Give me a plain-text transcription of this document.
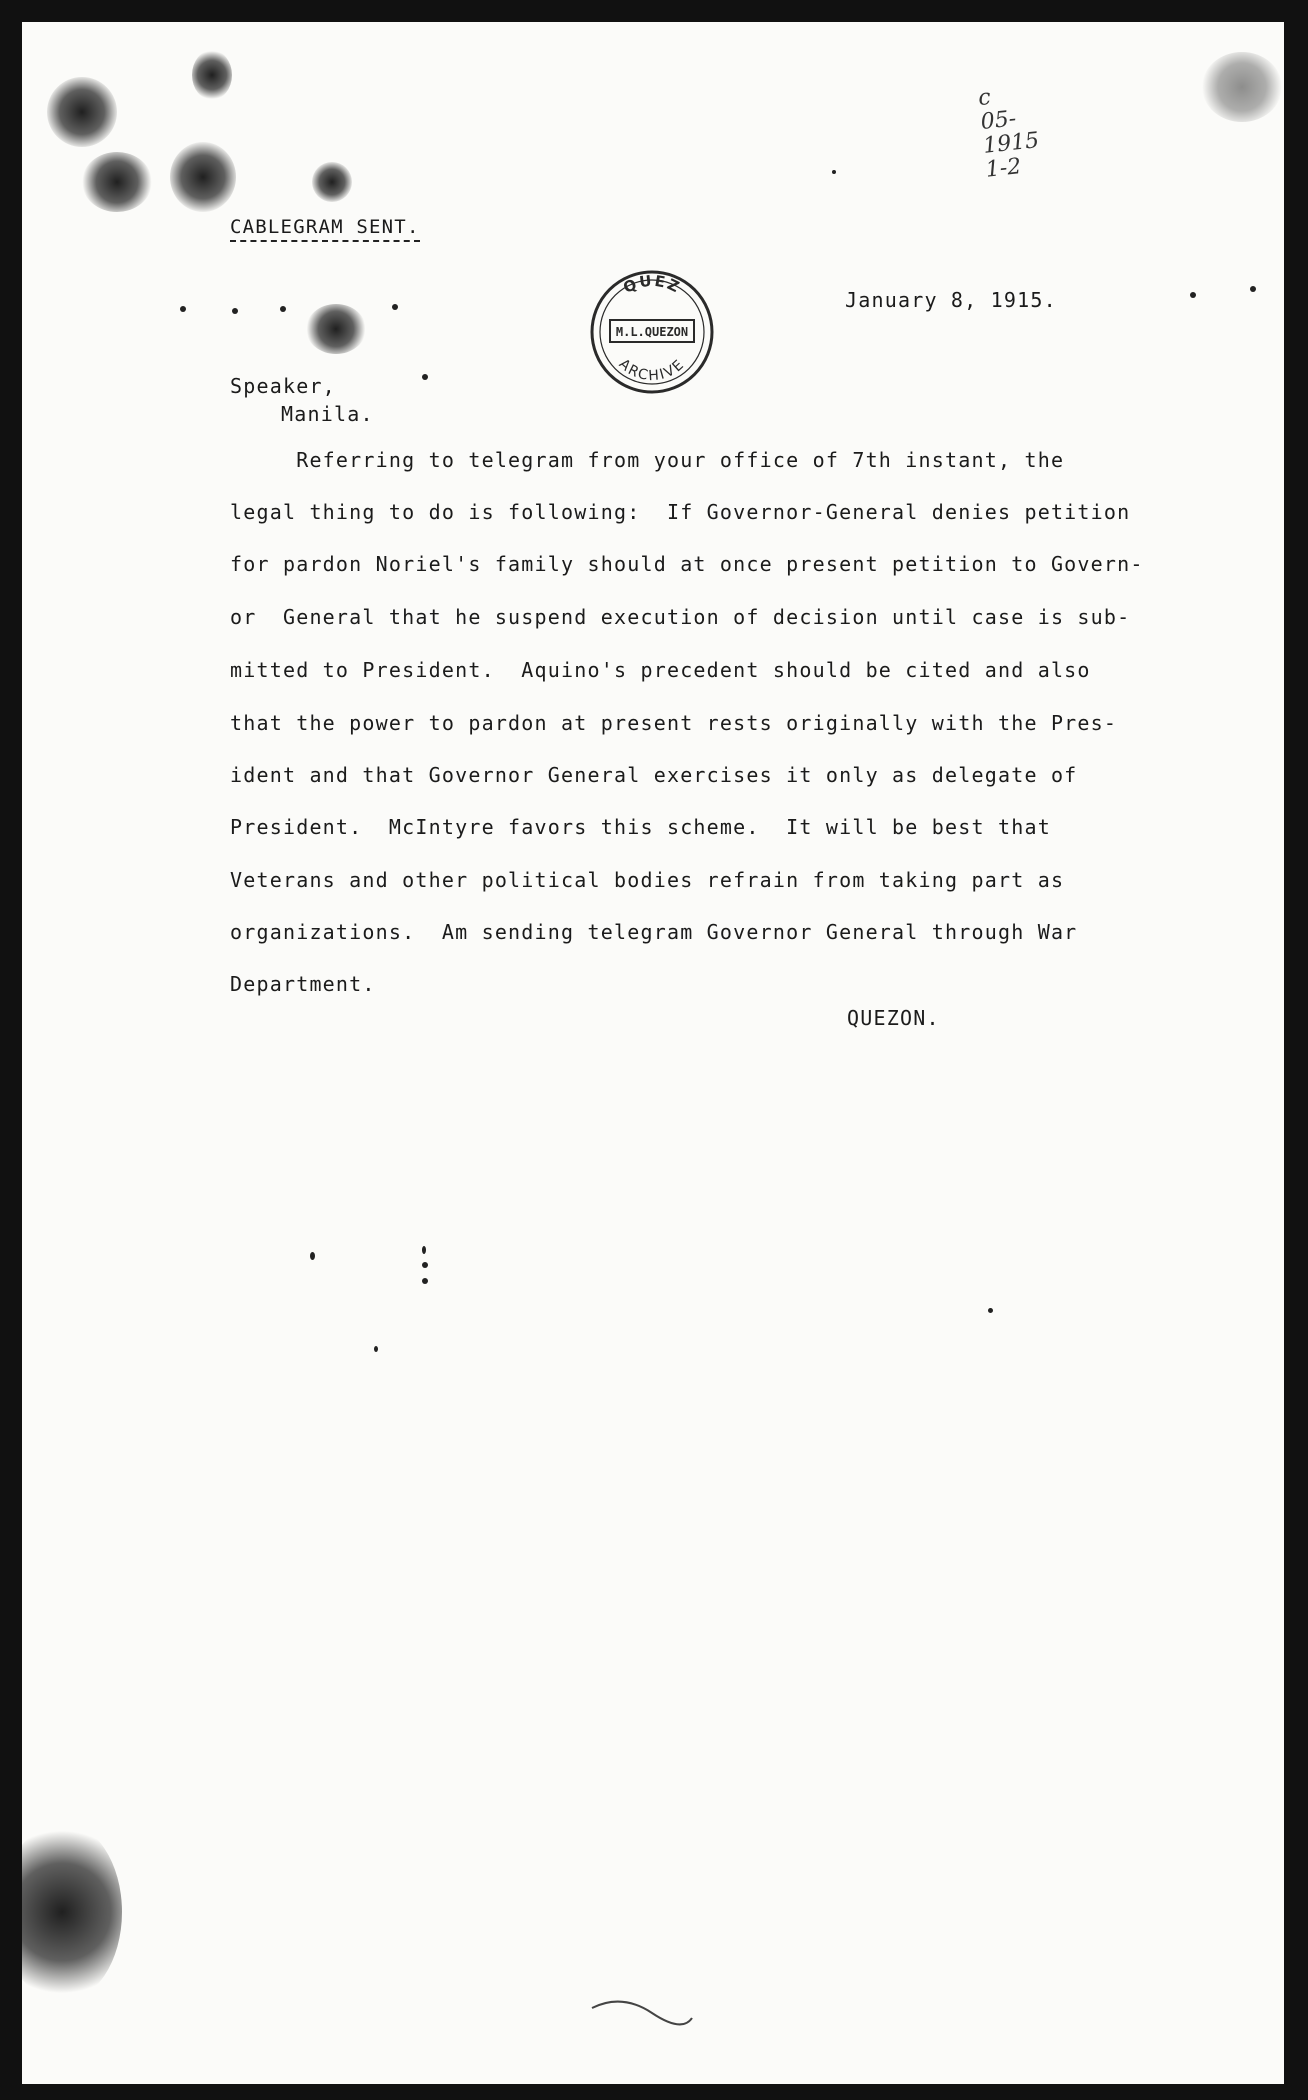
c
05-
1915
1-2
QUEZ
M.L.QUEZON
ARCHIVE
CABLEGRAM SENT.
January 8, 1915.
Speaker,
Manila.
Referring to telegram from your office of 7th instant, the
legal thing to do is following:  If Governor-General denies petition
for pardon Noriel's family should at once present petition to Govern-
or  General that he suspend execution of decision until case is sub-
mitted to President.  Aquino's precedent should be cited and also
that the power to pardon at present rests originally with the Pres-
ident and that Governor General exercises it only as delegate of
President.  McIntyre favors this scheme.  It will be best that
Veterans and other political bodies refrain from taking part as
organizations.  Am sending telegram Governor General through War
Department.
QUEZON.
